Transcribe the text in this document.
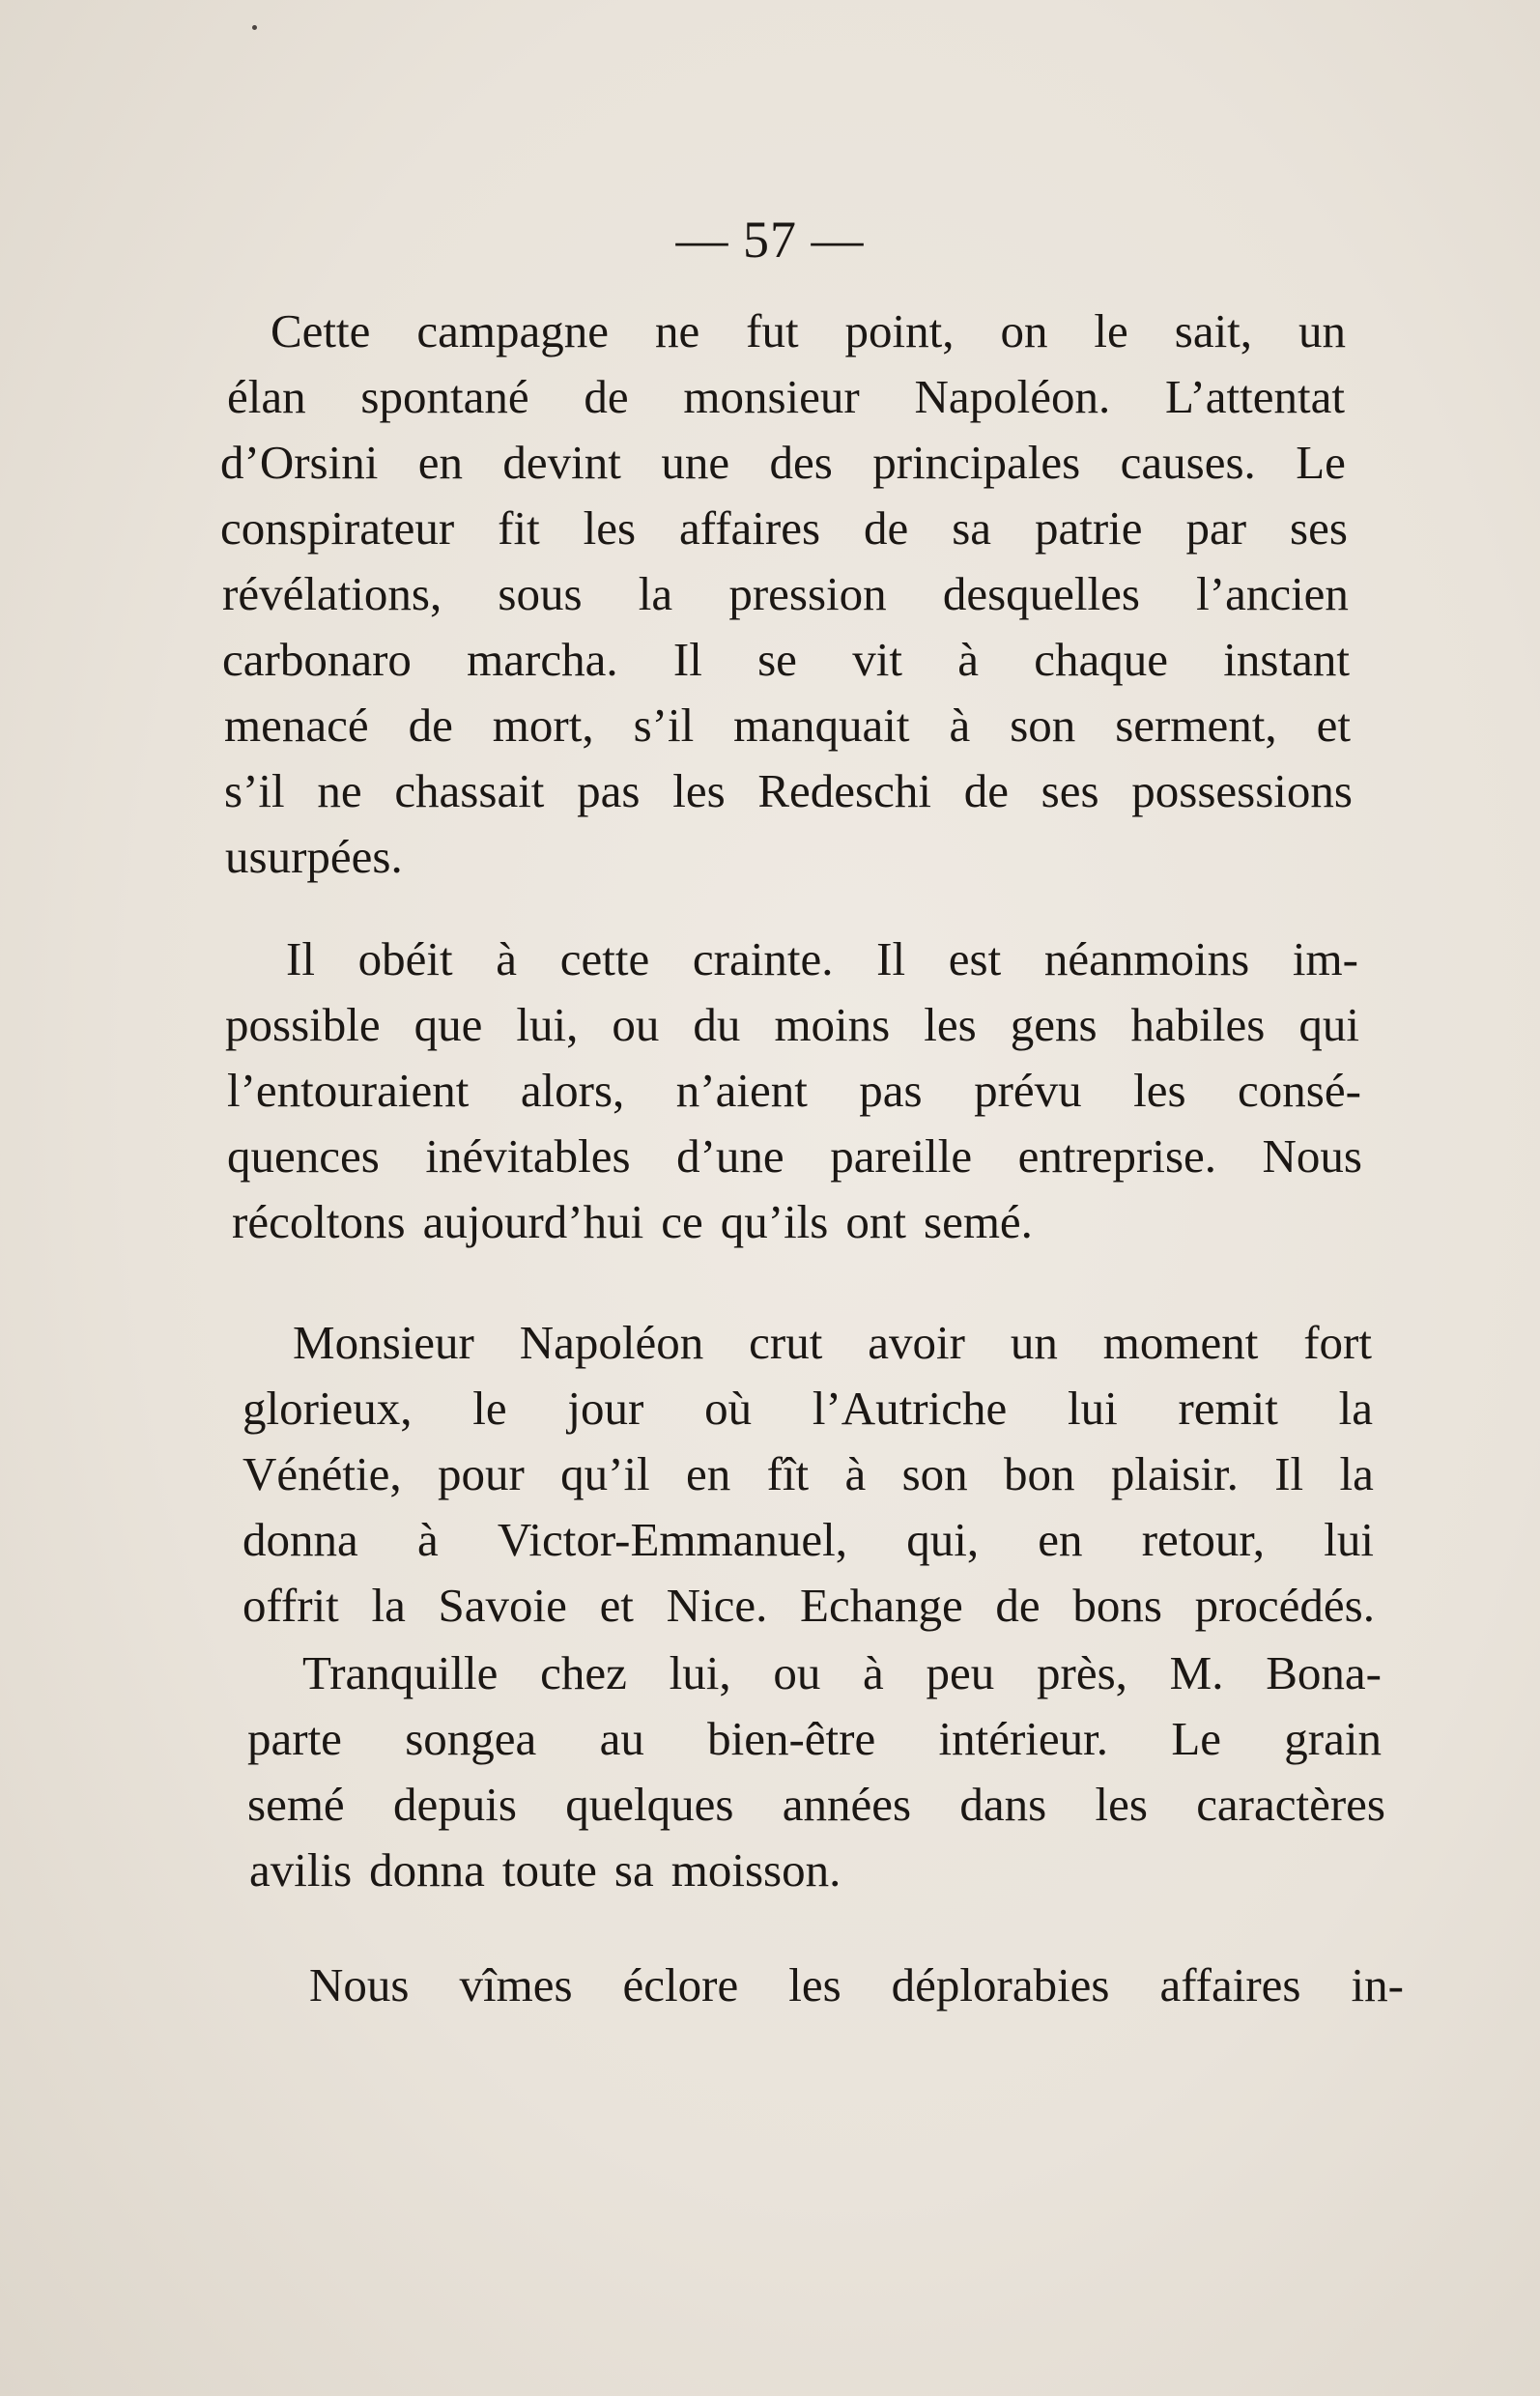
— 57 —
Cette campagne ne fut point, on le sait, un
élan spontané de monsieur Napoléon. L’attentat
d’Orsini en devint une des principales causes. Le
conspirateur fit les affaires de sa patrie par ses
révélations, sous la pression desquelles l’ancien
carbonaro marcha. Il se vit à chaque instant
menacé de mort, s’il manquait à son serment, et
s’il ne chassait pas les Redeschi de ses possessions
usurpées.
Il obéit à cette crainte. Il est néanmoins im-
possible que lui, ou du moins les gens habiles qui
l’entouraient alors, n’aient pas prévu les consé-
quences inévitables d’une pareille entreprise. Nous
récoltons aujourd’hui ce qu’ils ont semé.
Monsieur Napoléon crut avoir un moment fort
glorieux, le jour où l’Autriche lui remit la
Vénétie, pour qu’il en fît à son bon plaisir. Il la
donna à Victor-Emmanuel, qui, en retour, lui
offrit la Savoie et Nice. Echange de bons procédés.
Tranquille chez lui, ou à peu près, M. Bona-
parte songea au bien-être intérieur. Le grain
semé depuis quelques années dans les caractères
avilis donna toute sa moisson.
Nous vîmes éclore les déplorabies affaires in-
